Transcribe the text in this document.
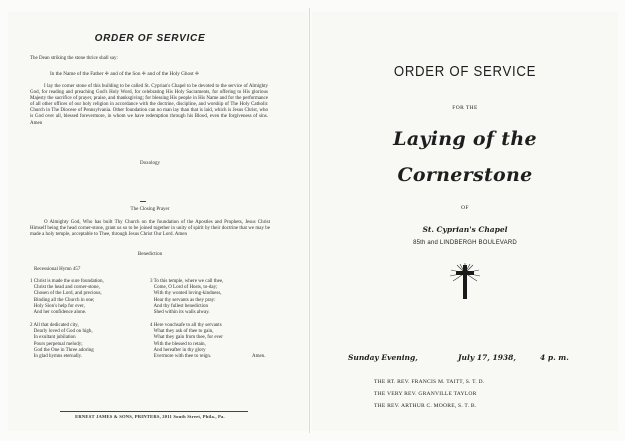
ORDER OF SERVICE
The Dean striking the stone thrice shall say:
In the Name of the Father ✛ and of the Son ✛ and of the Holy Ghost ✛
I lay the corner stone of this building to be called St. Cyprian's Chapel to be devoted to the service of Almighty God, for reading and preaching God's Holy Word, for celebrating His Holy Sacraments, for offering to His glorious Majesty the sacrifice of prayer, praise, and thanksgiving; for blessing His people in His Name and for the performance of all other offices of our holy religion in accordance with the doctrine, discipline, and worship of The Holy Catholic Church in The Diocese of Pennsylvania. Other foundation can no man lay than that is laid, which is Jesus Christ, who is God over all, blessed forevermore, in whom we have redemption through his Blood, even the forgiveness of sins. Amen
Doxology
The Closing Prayer
O Almighty God, Who has built Thy Church on the foundation of the Apostles and Prophets, Jesus Christ Himself being the head corner-stone, grant us so to be joined together in unity of spirit by their doctrine that we may be made a holy temple, acceptable to Thee, through Jesus Christ Our Lord. Amen
Benediction
Recessional Hymn 457
1 Christ is made the sure foundation,
Christ the head and corner-stone,
Chosen of the Lord, and precious,
Binding all the Church in one;
Holy Sion's help for ever,
And her confidence alone.
2 All that dedicated city,
Dearly loved of God on high,
In exultant jubilation
Pours perpetual melody;
God the One in Three adoring
In glad hymns eternally.
3 To this temple, where we call thee,
Come, O Lord of Hosts, to-day;
With thy wonted loving-kindness,
Hear thy servants as they pray:
And thy fullest benediction
Shed within its walls alway.
4 Here vouchsafe to all thy servants
What they ask of thee to gain,
What they gain from thee, for ever
With the blessed to retain,
And hereafter in thy glory
Evermore with thee to reign.	Amen.
ERNEST JAMES & SONS, PRINTERS, 2011 South Street, Phila., Pa.
ORDER OF SERVICE
FOR THE
Laying of the
Cornerstone
OF
St. Cyprian's Chapel
85th and LINDBERGH BOULEVARD
Sunday Evening,	July 17, 1938,	4 p. m.
THE RT. REV. FRANCIS M. TAITT, S. T. D.
THE VERY REV. GRANVILLE TAYLOR
THE REV. ARTHUR C. MOORE, S. T. B.
